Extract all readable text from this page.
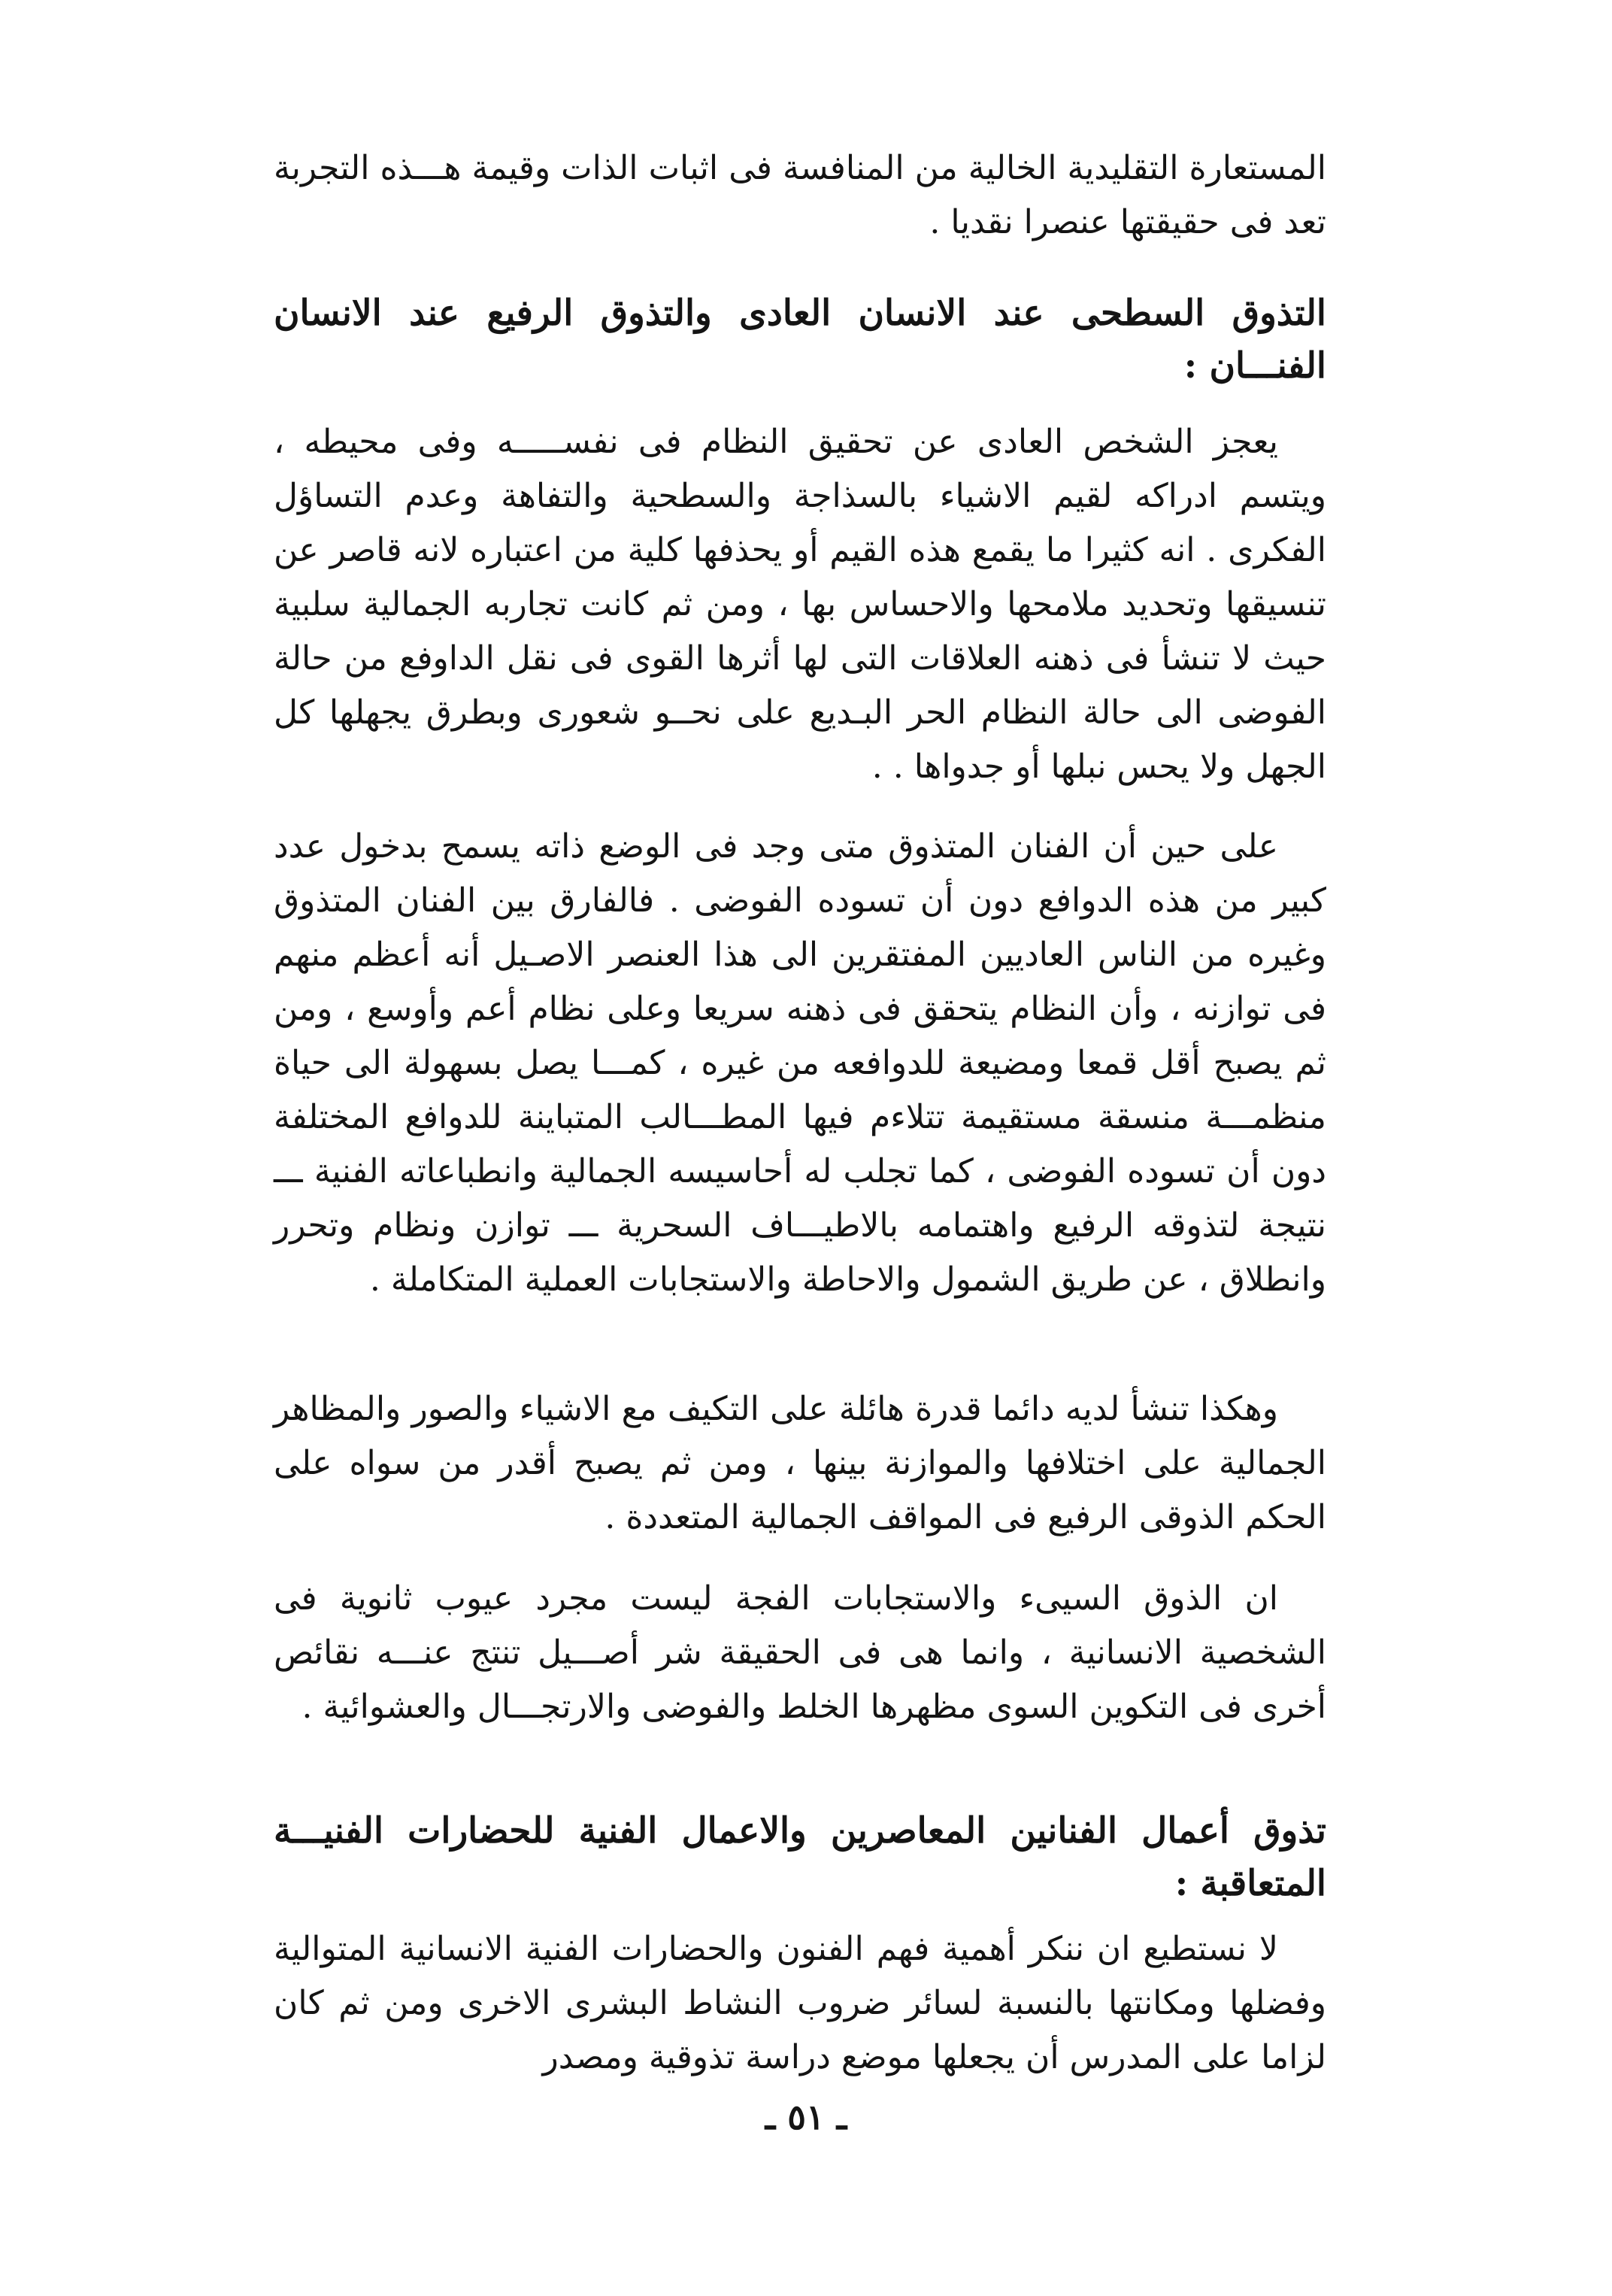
المستعارة التقليدية الخالية من المنافسة فى اثبات الذات وقيمة هـــذه التجربة تعد فى حقيقتها عنصرا نقديا .

التذوق السطحى عند الانسان العادى والتذوق الرفيع عند الانسان الفنـــان :

يعجز الشخص العادى عن تحقيق النظام فى نفســـــه وفى محيطه ، ويتسم ادراكه لقيم الاشياء بالسذاجة والسطحية والتفاهة وعدم التساؤل الفكرى . انه كثيرا ما يقمع هذه القيم أو يحذفها كلية من اعتباره لانه قاصر عن تنسيقها وتحديد ملامحها والاحساس بها ، ومن ثم كانت تجاربه الجمالية سلبية حيث لا تنشأ فى ذهنه العلاقات التى لها أثرها القوى فى نقل الداوفع من حالة الفوضى الى حالة النظام الحر البـديع على نحــو شعورى وبطرق يجهلها كل الجهل ولا يحس نبلها أو جدواها . .

على حين أن الفنان المتذوق متى وجد فى الوضع ذاته يسمح بدخول عدد كبير من هذه الدوافع دون أن تسوده الفوضى . فالفارق بين الفنان المتذوق وغيره من الناس العاديين المفتقرين الى هذا العنصر الاصـيل أنه أعظم منهم فى توازنه ، وأن النظام يتحقق فى ذهنه سريعا وعلى نظام أعم وأوسع ، ومن ثم يصبح أقل قمعا ومضيعة للدوافعه من غيره ، كمـــا يصل بسهولة الى حياة منظمـــة منسقة مستقيمة تتلاءم فيها المطـــالب المتباينة للدوافع المختلفة دون أن تسوده الفوضى ، كما تجلب له أحاسيسه الجمالية وانطباعاته الفنية ـــ نتيجة لتذوقه الرفيع واهتمامه بالاطيـــاف السحرية ـــ توازن ونظام وتحرر وانطلاق ، عن طريق الشمول والاحاطة والاستجابات العملية المتكاملة .

وهكذا تنشأ لديه دائما قدرة هائلة على التكيف مع الاشياء والصور والمظاهر الجمالية على اختلافها والموازنة بينها ، ومن ثم يصبح أقدر من سواه على الحكم الذوقى الرفيع فى المواقف الجمالية المتعددة .

ان الذوق السيىء والاستجابات الفجة ليست مجرد عيوب ثانوية فى الشخصية الانسانية ، وانما هى فى الحقيقة شر أصـــيل تنتج عنـــه نقائص أخرى فى التكوين السوى مظهرها الخلط والفوضى والارتجـــال والعشوائية .

تذوق أعمال الفنانين المعاصرين والاعمال الفنية للحضارات الفنيـــة المتعاقبة :

لا نستطيع ان ننكر أهمية فهم الفنون والحضارات الفنية الانسانية المتوالية وفضلها ومكانتها بالنسبة لسائر ضروب النشاط البشرى الاخرى ومن ثم كان لزاما على المدرس أن يجعلها موضع دراسة تذوقية ومصدر

ـ ٥١ ـ
